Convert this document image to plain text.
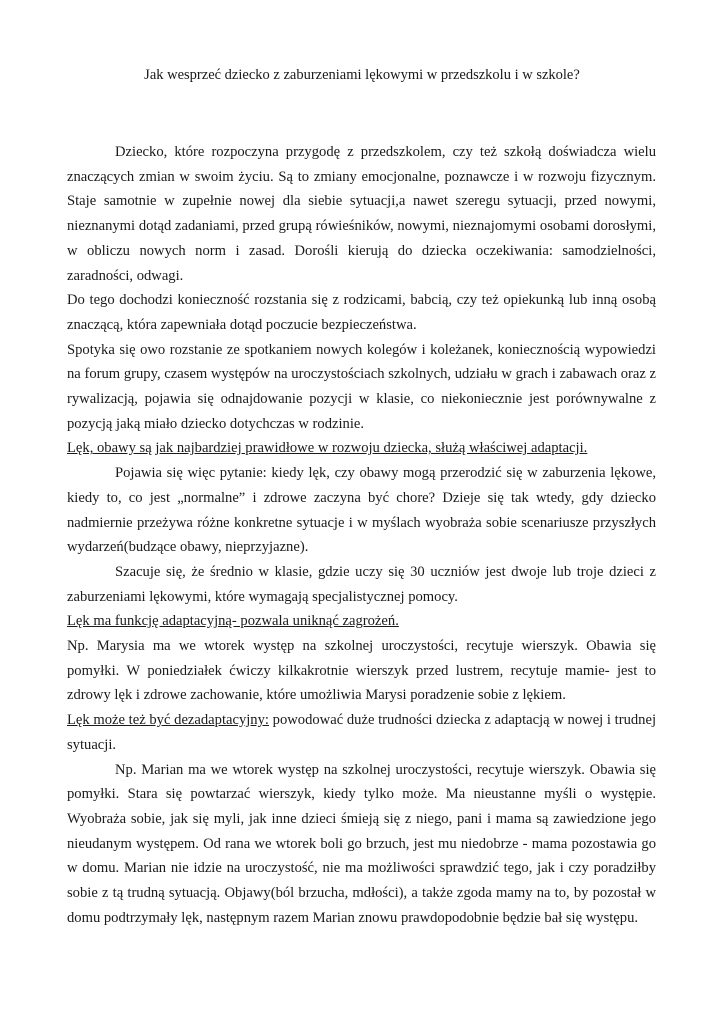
Jak wesprzeć dziecko z zaburzeniami lękowymi w przedszkolu i w szkole?

Dziecko, które rozpoczyna przygodę z przedszkolem, czy też szkołą doświadcza wielu znaczących zmian w swoim życiu. Są to zmiany emocjonalne, poznawcze i w rozwoju fizycznym. Staje samotnie w zupełnie nowej dla siebie sytuacji,a nawet szeregu sytuacji, przed nowymi, nieznanymi dotąd zadaniami, przed grupą rówieśników, nowymi, nieznajomymi osobami dorosłymi, w obliczu nowych norm i zasad. Dorośli kierują do dziecka oczekiwania: samodzielności, zaradności, odwagi.

Do tego dochodzi konieczność rozstania się z rodzicami, babcią, czy też opiekunką lub inną osobą znaczącą, która zapewniała dotąd poczucie bezpieczeństwa.

Spotyka się owo rozstanie ze spotkaniem nowych kolegów i koleżanek, koniecznością wypowiedzi na forum grupy, czasem występów na uroczystościach szkolnych, udziału w grach i zabawach oraz z rywalizacją, pojawia się odnajdowanie pozycji w klasie, co niekoniecznie jest porównywalne z pozycją jaką miało dziecko dotychczas w rodzinie.

Lęk, obawy są jak najbardziej prawidłowe w rozwoju dziecka, służą właściwej adaptacji.

Pojawia się więc pytanie: kiedy lęk, czy obawy mogą przerodzić się w zaburzenia lękowe, kiedy to, co jest „normalne” i zdrowe zaczyna być chore? Dzieje się tak wtedy, gdy dziecko nadmiernie przeżywa różne konkretne sytuacje i w myślach wyobraża sobie scenariusze przyszłych wydarzeń(budzące obawy, nieprzyjazne).

Szacuje się, że średnio w klasie, gdzie uczy się 30 uczniów jest dwoje lub troje dzieci z zaburzeniami lękowymi, które wymagają specjalistycznej pomocy.

Lęk ma funkcję adaptacyjną- pozwala uniknąć zagrożeń.

Np. Marysia ma we wtorek występ na szkolnej uroczystości, recytuje wierszyk. Obawia się pomyłki. W poniedziałek ćwiczy kilkakrotnie wierszyk przed lustrem, recytuje mamie- jest to zdrowy lęk i zdrowe zachowanie, które umożliwia Marysi poradzenie sobie z lękiem.

Lęk może też być dezadaptacyjny: powodować duże trudności dziecka z adaptacją w nowej i trudnej sytuacji.

Np. Marian ma we wtorek występ na szkolnej uroczystości, recytuje wierszyk. Obawia się pomyłki. Stara się powtarzać wierszyk, kiedy tylko może. Ma nieustanne myśli o występie. Wyobraża sobie, jak się myli, jak inne dzieci śmieją się z niego, pani i mama są zawiedzione jego nieudanym występem. Od rana we wtorek boli go brzuch, jest mu niedobrze - mama pozostawia go w domu. Marian nie idzie na uroczystość, nie ma możliwości sprawdzić tego, jak i czy poradziłby sobie z tą trudną sytuacją. Objawy(ból brzucha, mdłości), a także zgoda mamy na to, by pozostał w domu podtrzymały lęk, następnym razem Marian znowu prawdopodobnie będzie bał się występu.
